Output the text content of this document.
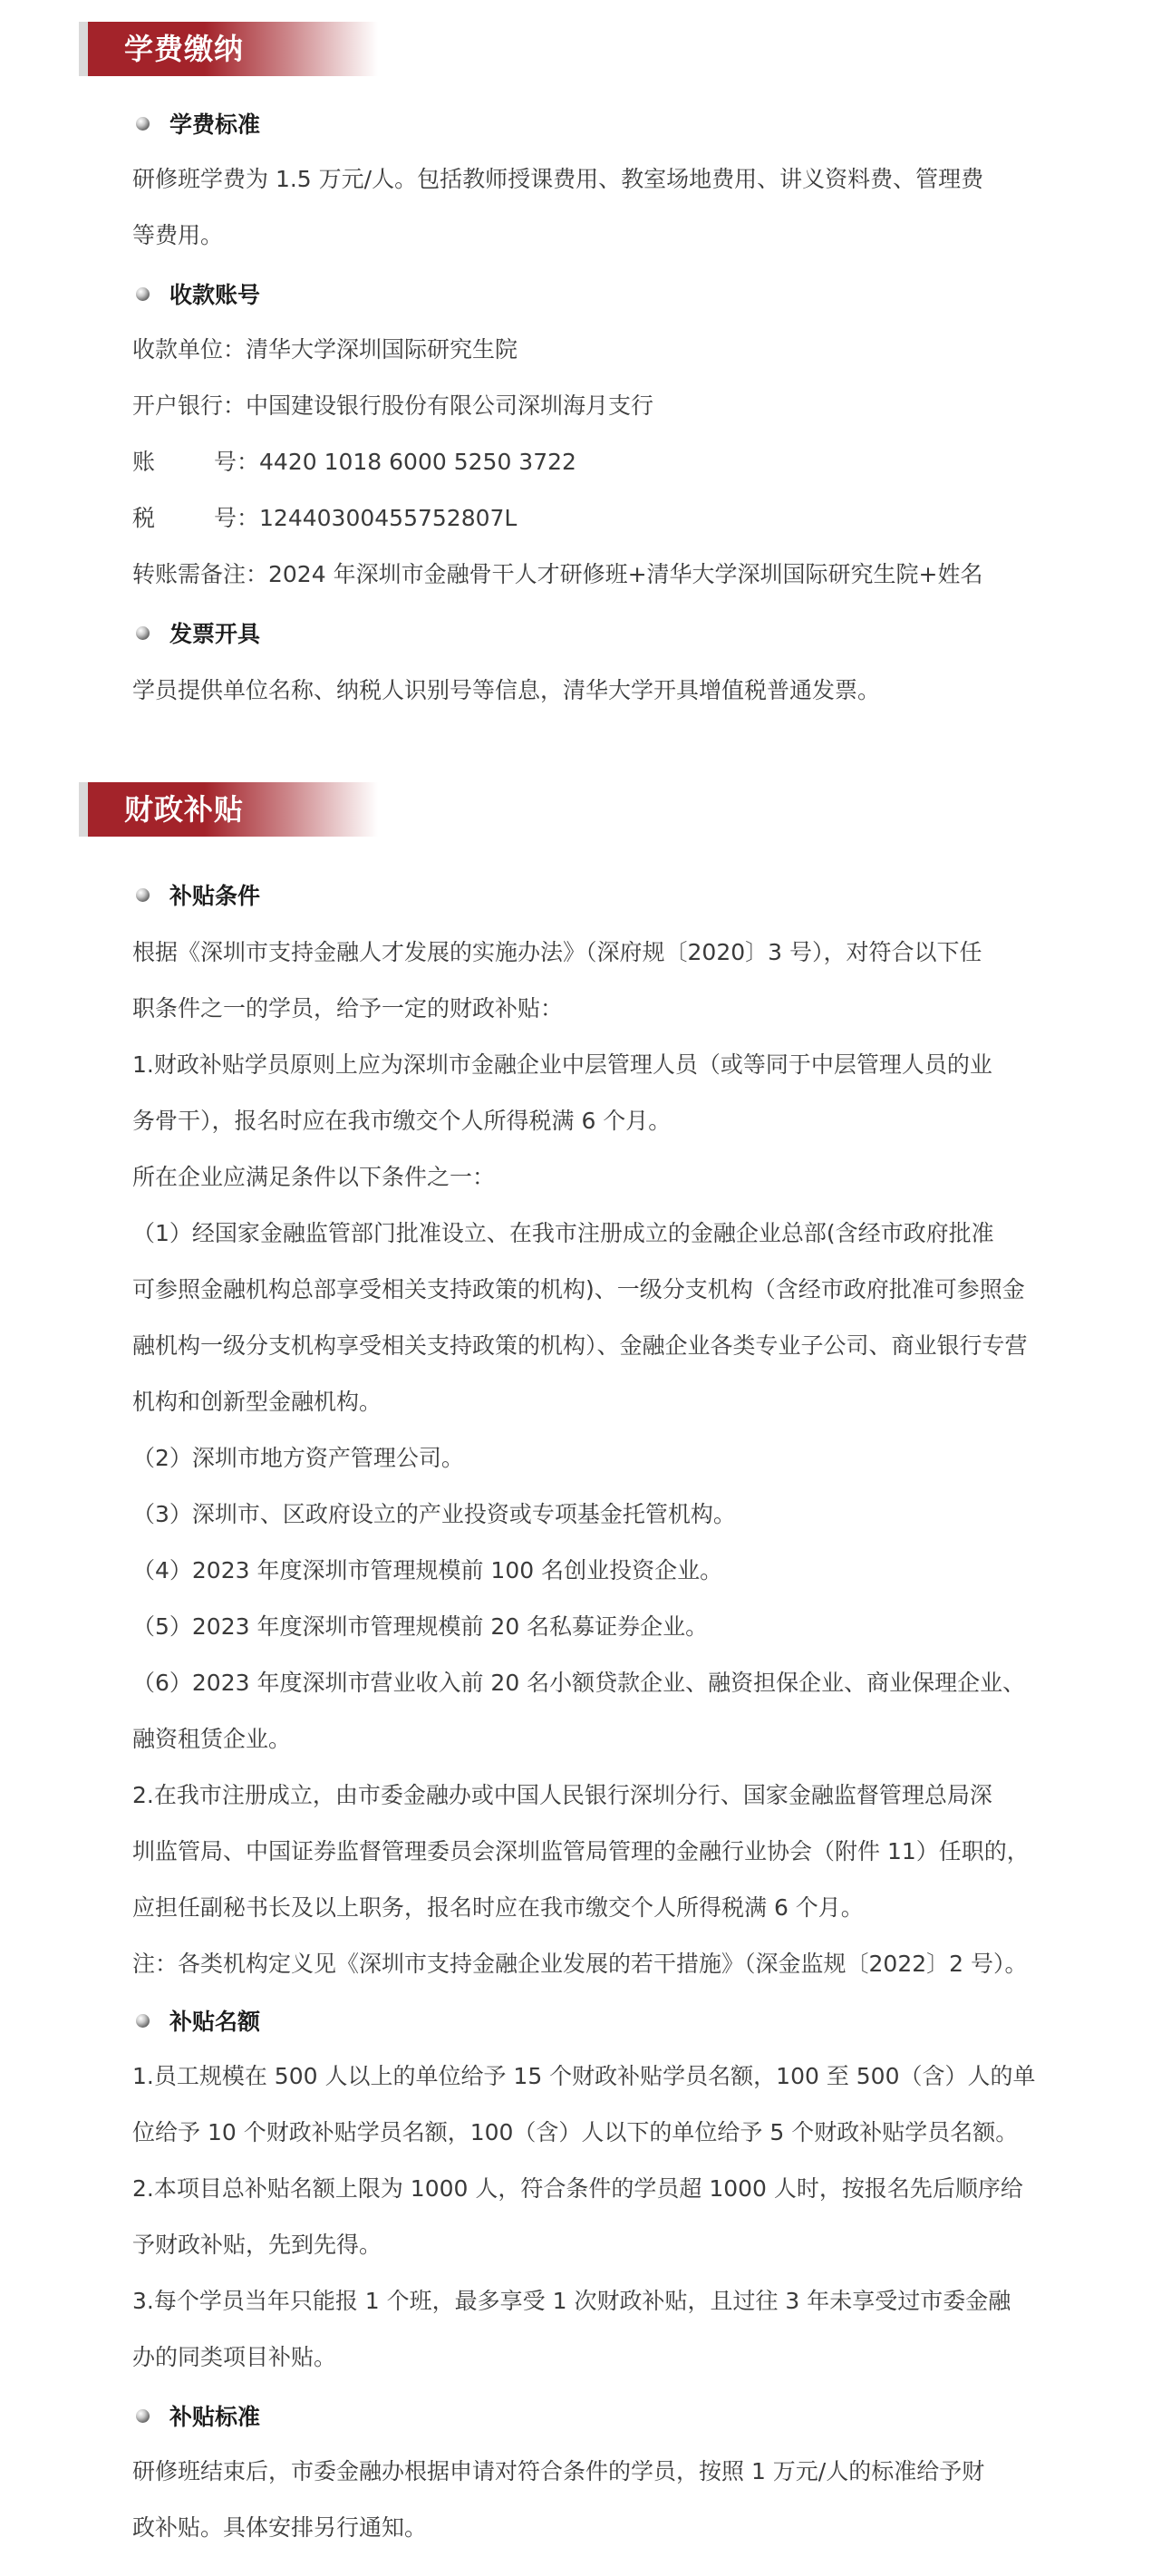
学费缴纳
学费标准
研修班学费为 1.5 万元/人。包括教师授课费用、教室场地费用、讲义资料费、管理费
等费用。
收款账号
收款单位：清华大学深圳国际研究生院
开户银行：中国建设银行股份有限公司深圳海月支行
账	号：4420 1018 6000 5250 3722
税	号：12440300455752807L
转账需备注：2024 年深圳市金融骨干人才研修班+清华大学深圳国际研究生院+姓名
发票开具
学员提供单位名称、纳税人识别号等信息，清华大学开具增值税普通发票。
财政补贴
补贴条件
根据《深圳市支持金融人才发展的实施办法》（深府规〔2020〕3 号），对符合以下任
职条件之一的学员，给予一定的财政补贴：
1.财政补贴学员原则上应为深圳市金融企业中层管理人员（或等同于中层管理人员的业
务骨干），报名时应在我市缴交个人所得税满 6 个月。
所在企业应满足条件以下条件之一：
（1）经国家金融监管部门批准设立、在我市注册成立的金融企业总部(含经市政府批准
可参照金融机构总部享受相关支持政策的机构)、一级分支机构（含经市政府批准可参照金
融机构一级分支机构享受相关支持政策的机构）、金融企业各类专业子公司、商业银行专营
机构和创新型金融机构。
（2）深圳市地方资产管理公司。
（3）深圳市、区政府设立的产业投资或专项基金托管机构。
（4）2023 年度深圳市管理规模前 100 名创业投资企业。
（5）2023 年度深圳市管理规模前 20 名私募证券企业。
（6）2023 年度深圳市营业收入前 20 名小额贷款企业、融资担保企业、商业保理企业、
融资租赁企业。
2.在我市注册成立，由市委金融办或中国人民银行深圳分行、国家金融监督管理总局深
圳监管局、中国证券监督管理委员会深圳监管局管理的金融行业协会（附件 11）任职的，
应担任副秘书长及以上职务，报名时应在我市缴交个人所得税满 6 个月。
注：各类机构定义见《深圳市支持金融企业发展的若干措施》（深金监规〔2022〕2 号）。
补贴名额
1.员工规模在 500 人以上的单位给予 15 个财政补贴学员名额，100 至 500（含）人的单
位给予 10 个财政补贴学员名额，100（含）人以下的单位给予 5 个财政补贴学员名额。
2.本项目总补贴名额上限为 1000 人，符合条件的学员超 1000 人时，按报名先后顺序给
予财政补贴，先到先得。
3.每个学员当年只能报 1 个班，最多享受 1 次财政补贴，且过往 3 年未享受过市委金融
办的同类项目补贴。
补贴标准
研修班结束后，市委金融办根据申请对符合条件的学员，按照 1 万元/人的标准给予财
政补贴。具体安排另行通知。
